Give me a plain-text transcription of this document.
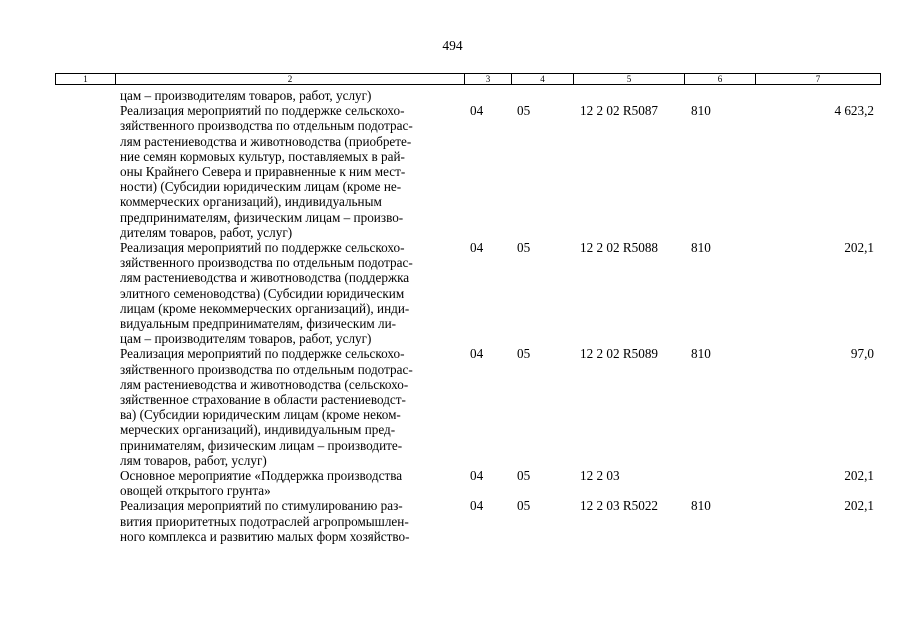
494
1	2	3	4	5	6	7
цам – производителям товаров, работ, услуг)
Реализация мероприятий по поддержке сельскохо-
зяйственного производства по отдельным подотрас-
лям растениеводства и животноводства (приобрете-
ние семян кормовых культур, поставляемых в рай-
оны Крайнего Севера и приравненные к ним мест-
ности) (Субсидии юридическим лицам (кроме не-
коммерческих организаций), индивидуальным
предпринимателям, физическим лицам – произво-
дителям товаров, работ, услуг)
04	05	12 2 02 R5087 810	4 623,2
Реализация мероприятий по поддержке сельскохо-
зяйственного производства по отдельным подотрас-
лям растениеводства и животноводства (поддержка
элитного семеноводства) (Субсидии юридическим
лицам (кроме некоммерческих организаций), инди-
видуальным предпринимателям, физическим ли-
цам – производителям товаров, работ, услуг)
04	05	12 2 02 R5088 810	202,1
Реализация мероприятий по поддержке сельскохо-
зяйственного производства по отдельным подотрас-
лям растениеводства и животноводства (сельскохо-
зяйственное страхование в области растениеводст-
ва) (Субсидии юридическим лицам (кроме неком-
мерческих организаций), индивидуальным пред-
принимателям, физическим лицам – производите-
лям товаров, работ, услуг)
04	05	12 2 02 R5089 810	97,0
Основное мероприятие «Поддержка производства
овощей открытого грунта»
04	05	12 2 03	202,1
Реализация мероприятий по стимулированию раз-
вития приоритетных подотраслей агропромышлен-
ного комплекса и развитию малых форм хозяйство-
04	05	12 2 03 R5022 810	202,1
